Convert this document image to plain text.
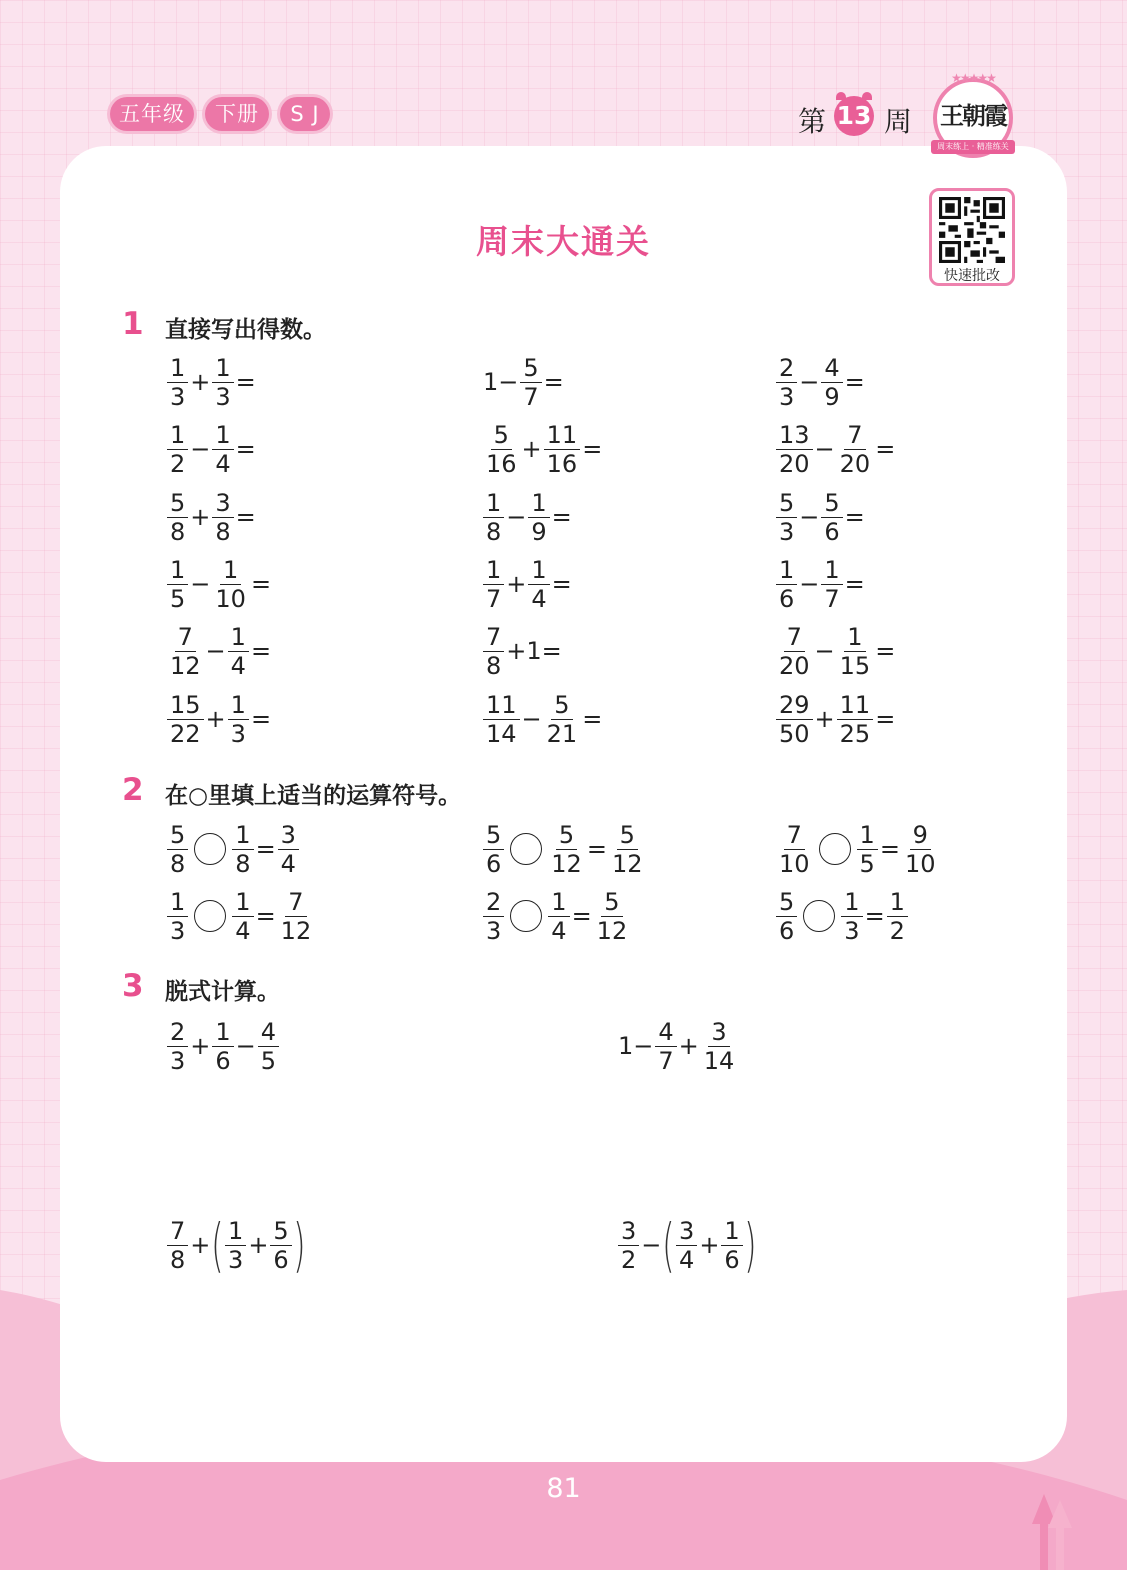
五年级	下册	S J	第 13 周
★★★★★
王朝霞
周末练上 · 精准练关
快速批改
周末大通关
1 直接写出得数。
2 在○里填上适当的运算符号。
3 脱式计算。
$\frac{1}{3} + \frac{1}{3}$ =	$1- \frac{5}{7}$ =	$\frac{2}{3} - \frac{4}{9}$ =
$\frac{1}{2} - \frac{1}{4}$ =	$\frac{5}{16} + \frac{11}{16}$ =	$\frac{13}{20} - \frac{7}{20}$ =
$\frac{5}{8} + \frac{3}{8}$ =	$\frac{1}{8} - \frac{1}{9}$ =	$\frac{5}{3} - \frac{5}{6}$ =
$\frac{1}{5} - \frac{1}{10}$ =	$\frac{1}{7} + \frac{1}{4}$ =	$\frac{1}{6} - \frac{1}{7}$ =
$\frac{7}{12} - \frac{1}{4}$ =	$\frac{7}{8} +1=$	$\frac{7}{20} - \frac{1}{15}$ =
$\frac{15}{22} + \frac{1}{3}$ =	$\frac{11}{14} - \frac{5}{21}$ =	$\frac{29}{50} + \frac{11}{25}$ =
$\frac{5}{8} \frac{1}{8} = \frac{3}{4}$	$\frac{5}{6} \frac{5}{12} = \frac{5}{12}$	$\frac{7}{10} \frac{1}{5} = \frac{9}{10}$
$\frac{1}{3} \frac{1}{4} = \frac{7}{12}$	$\frac{2}{3} \frac{1}{4} = \frac{5}{12}$	$\frac{5}{6} \frac{1}{3} = \frac{1}{2}$
$\frac{2}{3} + \frac{1}{6} - \frac{4}{5}$	$1- \frac{4}{7} + \frac{3}{14}$
$\frac{7}{8}$ + ( $\frac{1}{3} + \frac{5}{6}$ )	$\frac{3}{2}$ − ( $\frac{3}{4} + \frac{1}{6}$ )
81
